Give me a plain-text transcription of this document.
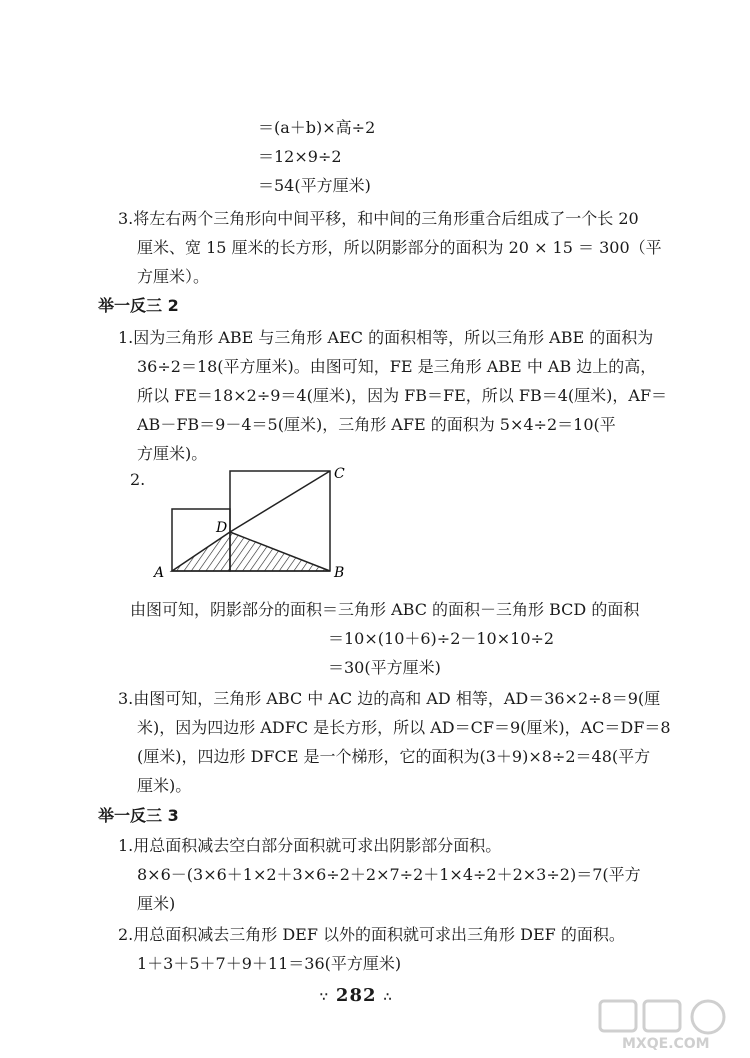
＝(a＋b)×高÷2
＝12×9÷2
＝54(平方厘米)
3.将左右两个三角形向中间平移，和中间的三角形重合后组成了一个长 20
厘米、宽 15 厘米的长方形，所以阴影部分的面积为 20 × 15 ＝ 300（平
方厘米）。
举一反三 2
1.因为三角形 ABE 与三角形 AEC 的面积相等，所以三角形 ABE 的面积为
36÷2＝18(平方厘米)。由图可知，FE 是三角形 ABE 中 AB 边上的高，
所以 FE＝18×2÷9＝4(厘米)，因为 FB＝FE，所以 FB＝4(厘米)，AF＝
AB－FB＝9－4＝5(厘米)，三角形 AFE 的面积为 5×4÷2＝10(平
方厘米)。
2.
A	B
C
D
由图可知，阴影部分的面积＝三角形 ABC 的面积－三角形 BCD 的面积
＝10×(10＋6)÷2－10×10÷2
＝30(平方厘米)
3.由图可知，三角形 ABC 中 AC 边的高和 AD 相等，AD＝36×2÷8＝9(厘
米)，因为四边形 ADFC 是长方形，所以 AD＝CF＝9(厘米)，AC＝DF＝8
(厘米)，四边形 DFCE 是一个梯形，它的面积为(3＋9)×8÷2＝48(平方
厘米)。
举一反三 3
1.用总面积减去空白部分面积就可求出阴影部分面积。
8×6－(3×6＋1×2＋3×6÷2＋2×7÷2＋1×4÷2＋2×3÷2)＝7(平方
厘米)
2.用总面积减去三角形 DEF 以外的面积就可求出三角形 DEF 的面积。
1＋3＋5＋7＋9＋11＝36(平方厘米)
∵ 282 ∴
MXQE.COM
